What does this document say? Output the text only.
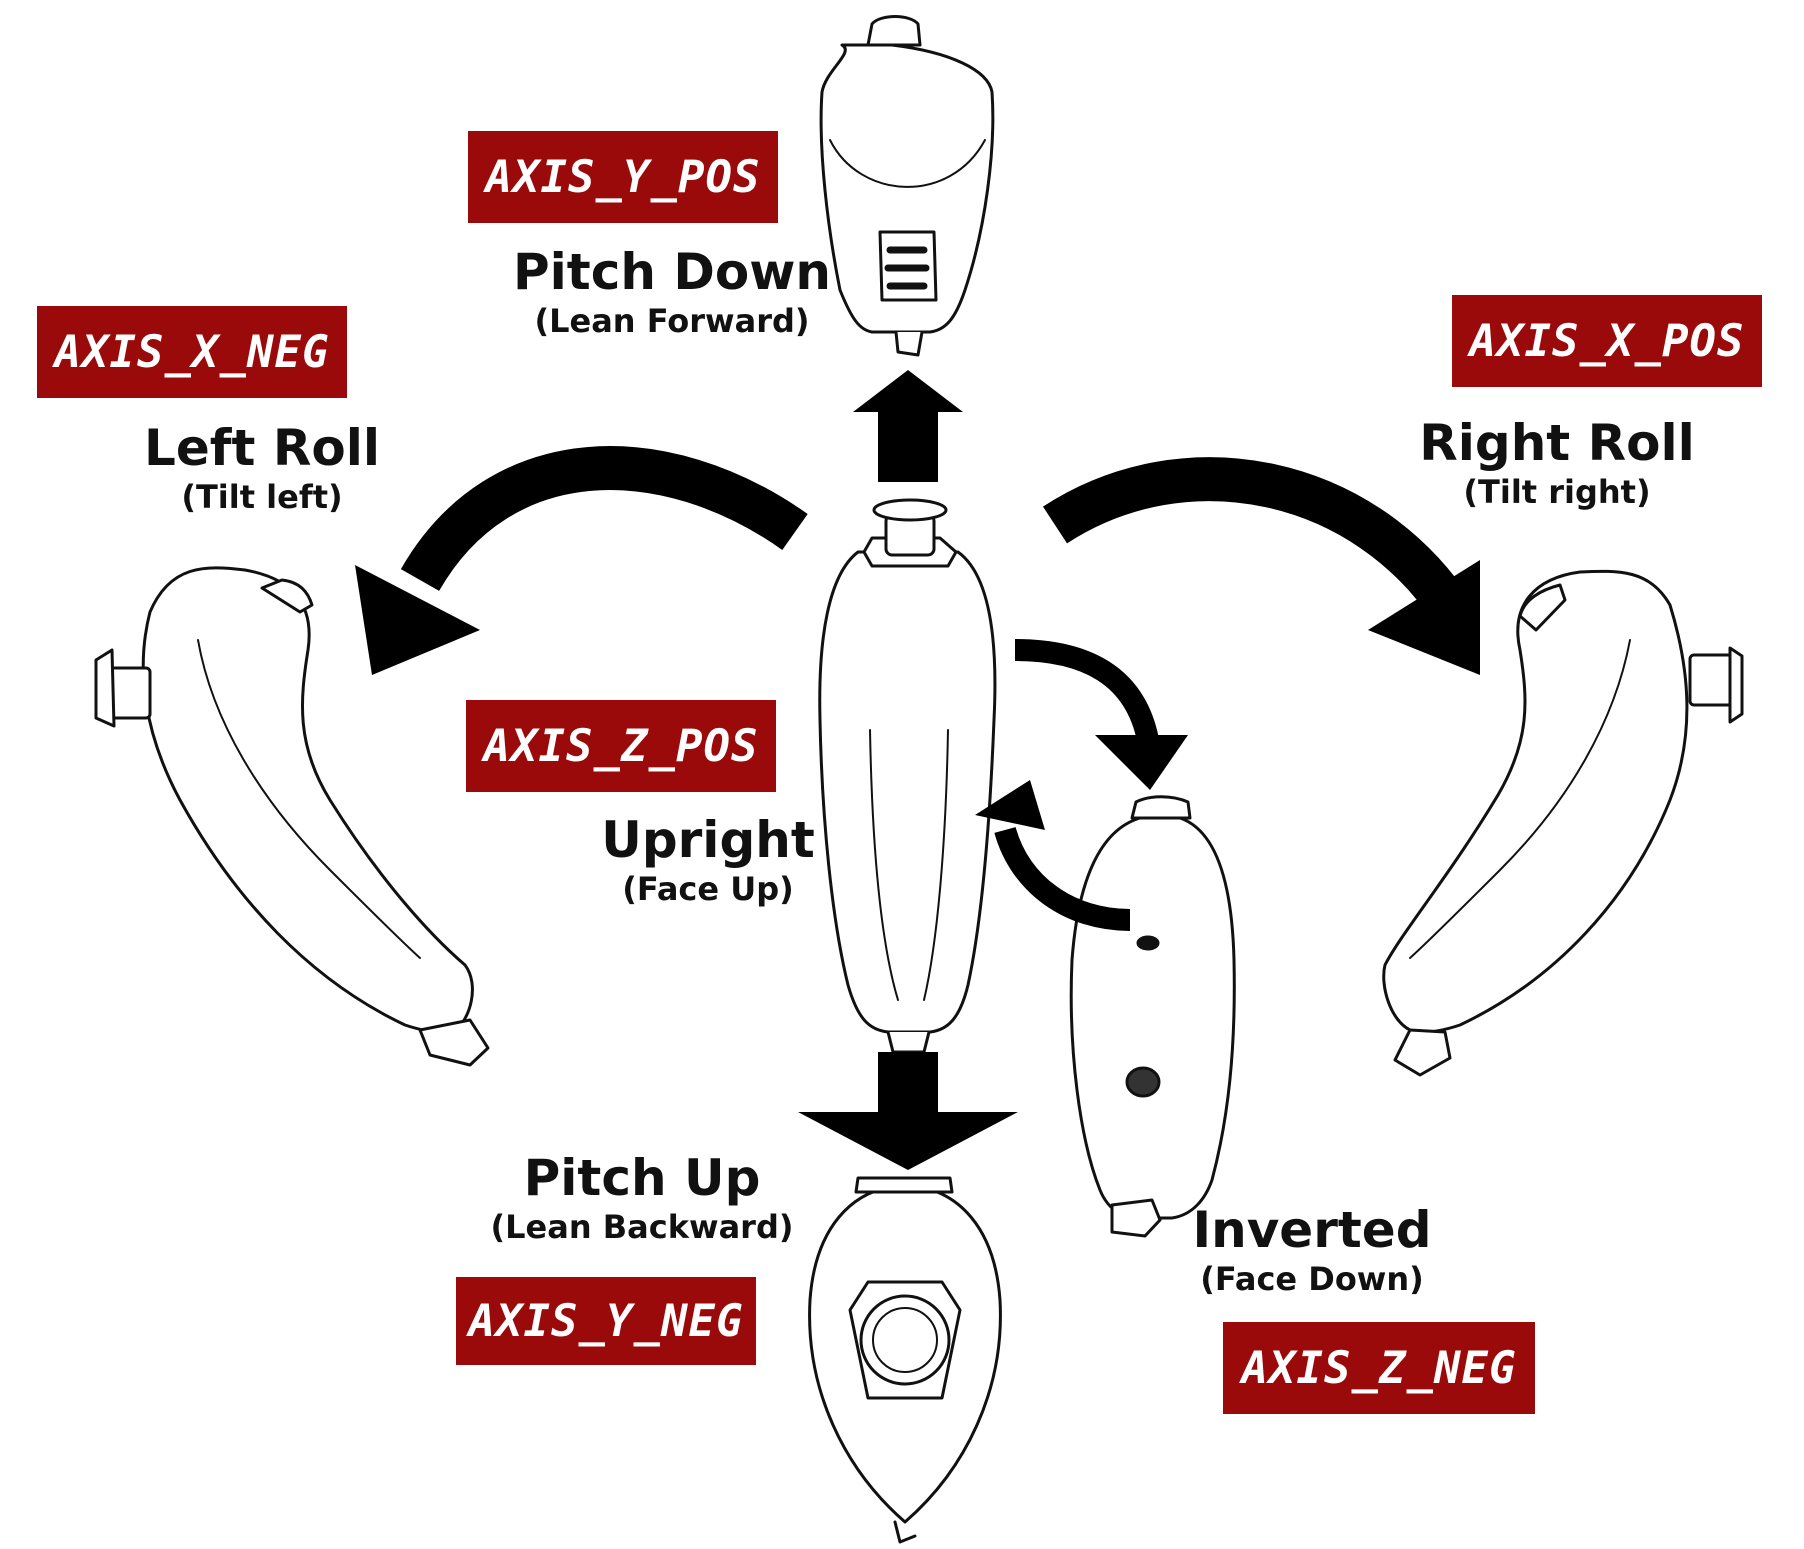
AXIS_Y_POS
AXIS_X_NEG	AXIS_X_POS
AXIS_Z_POS
AXIS_Y_NEG
AXIS_Z_NEG
Pitch Down
(Lean Forward)
Left Roll
(Tilt left)
Right Roll
(Tilt right)
Upright
(Face Up)
Pitch Up
(Lean Backward)	Inverted
(Face Down)
